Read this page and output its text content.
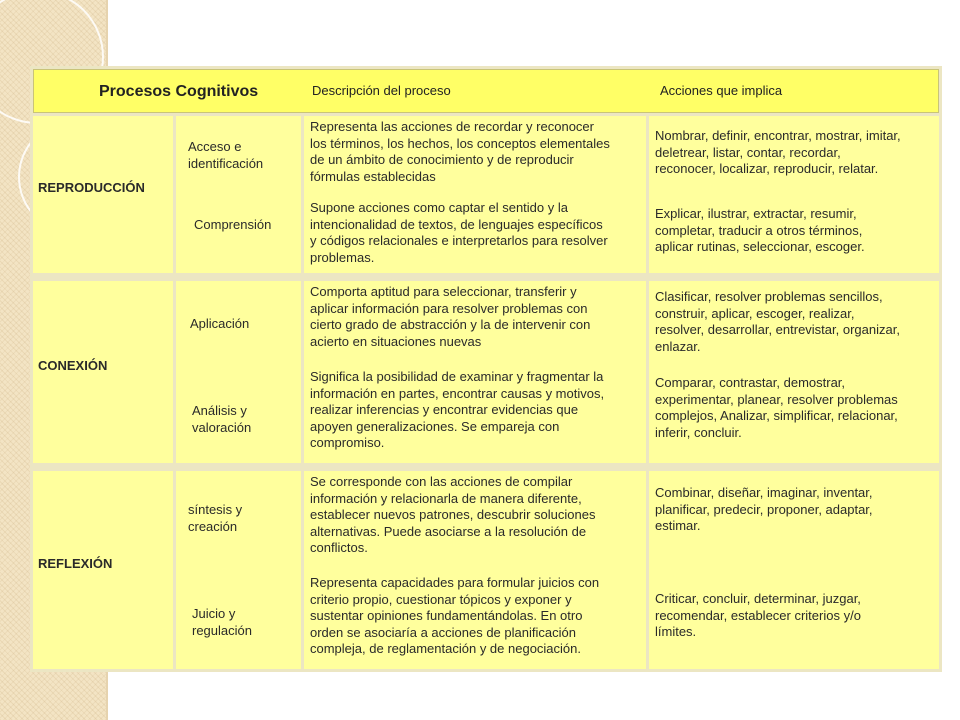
Procesos Cognitivos	Descripción del proceso	Acciones que implica
REPRODUCCIÓN
Acceso e
identificación
Comprensión
Representa las acciones de recordar y reconocer
los términos, los hechos, los conceptos elementales
de un ámbito de conocimiento y de reproducir
fórmulas establecidas
Supone acciones como captar el sentido y la
intencionalidad de textos, de lenguajes específicos
y códigos relacionales e interpretarlos para resolver
problemas.
Nombrar, definir, encontrar, mostrar, imitar,
deletrear, listar, contar, recordar,
reconocer, localizar, reproducir, relatar.
Explicar, ilustrar, extractar, resumir,
completar, traducir a otros términos,
aplicar rutinas, seleccionar, escoger.
CONEXIÓN
Aplicación
Análisis y
valoración
Comporta aptitud para seleccionar, transferir y
aplicar información para resolver problemas con
cierto grado de abstracción y la de intervenir con
acierto en situaciones nuevas
Significa la posibilidad de examinar y fragmentar la
información en partes, encontrar causas y motivos,
realizar inferencias y encontrar evidencias que
apoyen generalizaciones. Se empareja con
compromiso.
Clasificar, resolver problemas sencillos,
construir, aplicar, escoger, realizar,
resolver, desarrollar, entrevistar, organizar,
enlazar.
Comparar, contrastar, demostrar,
experimentar, planear, resolver problemas
complejos, Analizar, simplificar, relacionar,
inferir, concluir.
REFLEXIÓN
síntesis y
creación
Juicio y
regulación
Se corresponde con las acciones de compilar
información y relacionarla de manera diferente,
establecer nuevos patrones, descubrir soluciones
alternativas. Puede asociarse a la resolución de
conflictos.
Representa capacidades para formular juicios con
criterio propio, cuestionar tópicos y exponer y
sustentar opiniones fundamentándolas. En otro
orden se asociaría a acciones de planificación
compleja, de reglamentación y de negociación.
Combinar, diseñar, imaginar, inventar,
planificar, predecir, proponer, adaptar,
estimar.
Criticar, concluir, determinar, juzgar,
recomendar, establecer criterios y/o
límites.
